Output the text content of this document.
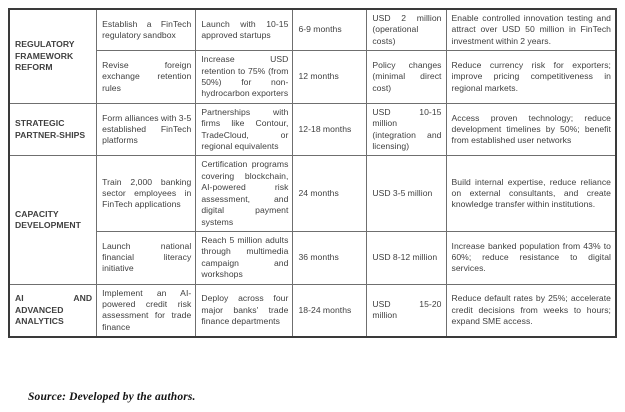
REGULATORY FRAMEWORK REFORM	Establish a FinTech regulatory sandbox	Launch with 10-15 approved startups	6-9 months	USD 2 million (operational costs)	Enable controlled innovation testing and attract over USD 50 million in FinTech investment within 2 years.
	Revise foreign exchange retention rules	Increase USD retention to 75% (from 50%) for non-hydrocarbon exporters	12 months	Policy changes (minimal direct cost)	Reduce currency risk for exporters; improve pricing competitiveness in regional markets.
STRATEGIC PARTNER-SHIPS	Form alliances with 3-5 established FinTech platforms	Partnerships with firms like Contour, TradeCloud, or regional equivalents	12-18 months	USD 10-15 million (integration and licensing)	Access proven technology; reduce development timelines by 50%; benefit from established user networks
CAPACITY DEVELOPMENT	Train 2,000 banking sector employees in FinTech applications	Certification programs covering blockchain, AI-powered risk assessment, and digital payment systems	24 months	USD 3-5 million	Build internal expertise, reduce reliance on external consultants, and create knowledge transfer within institutions.
	Launch national financial literacy initiative	Reach 5 million adults through multimedia campaign and workshops	36 months	USD 8-12 million	Increase banked population from 43% to 60%; reduce resistance to digital services.
AI AND ADVANCED ANALYTICS	Implement an AI-powered credit risk assessment for trade finance	Deploy across four major banks' trade finance departments	18-24 months	USD 15-20 million	Reduce default rates by 25%; accelerate credit decisions from weeks to hours; expand SME access.
Source: Developed by the authors.
